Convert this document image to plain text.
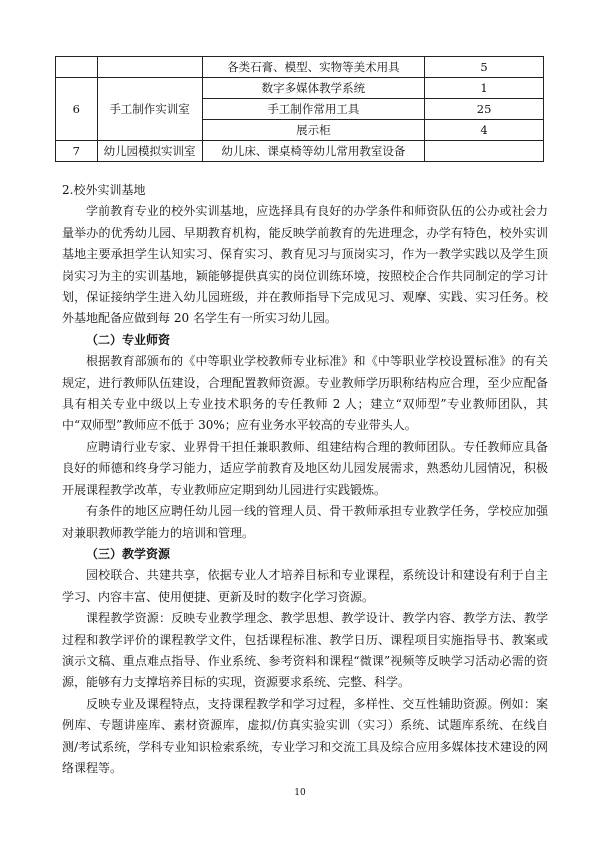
		各类石膏、模型、实物等美术用具	5
6	手工制作实训室	数字多媒体教学系统	1
		手工制作常用工具	25
		展示柜	4
7	幼儿园模拟实训室	幼儿床、课桌椅等幼儿常用教室设备	

2.校外实训基地

学前教育专业的校外实训基地，应选择具有良好的办学条件和师资队伍的公办或社会力量举办的优秀幼儿园、早期教育机构，能反映学前教育的先进理念，办学有特色，校外实训基地主要承担学生认知实习、保育实习、教育见习与顶岗实习，作为一教学实践以及学生顶岗实习为主的实训基地，颖能够提供真实的岗位训练环境，按照校企合作共同制定的学习计划，保证接纳学生进入幼儿园班级，并在教师指导下完成见习、观摩、实践、实习任务。校外基地配备应做到每 20 名学生有一所实习幼儿园。

（二）专业师资

根据教育部颁布的《中等职业学校教师专业标准》和《中等职业学校设置标准》的有关规定，进行教师队伍建设，合理配置教师资源。专业教师学历职称结构应合理，至少应配备具有相关专业中级以上专业技术职务的专任教师 2 人；建立“双师型”专业教师团队，其中“双师型”教师应不低于 30%；应有业务水平较高的专业带头人。

应聘请行业专家、业界骨干担任兼职教师、组建结构合理的教师团队。专任教师应具备良好的师德和终身学习能力，适应学前教育及地区幼儿园发展需求，熟悉幼儿园情况，积极开展课程教学改革，专业教师应定期到幼儿园进行实践锻炼。

有条件的地区应聘任幼儿园一线的管理人员、骨干教师承担专业教学任务，学校应加强对兼职教师教学能力的培训和管理。

（三）教学资源

园校联合、共建共享，依据专业人才培养目标和专业课程，系统设计和建设有利于自主学习、内容丰富、使用便捷、更新及时的数字化学习资源。

课程教学资源：反映专业教学理念、教学思想、教学设计、教学内容、教学方法、教学过程和教学评价的课程教学文件，包括课程标准、教学日历、课程项目实施指导书、教案或演示文稿、重点难点指导、作业系统、参考资料和课程“微课”视频等反映学习活动必需的资源，能够有力支撑培养目标的实现，资源要求系统、完整、科学。

反映专业及课程特点，支持课程教学和学习过程，多样性、交互性辅助资源。例如：案例库、专题讲座库、素材资源库，虚拟/仿真实验实训（实习）系统、试题库系统、在线自测/考试系统，学科专业知识检索系统，专业学习和交流工具及综合应用多媒体技术建设的网络课程等。

10
